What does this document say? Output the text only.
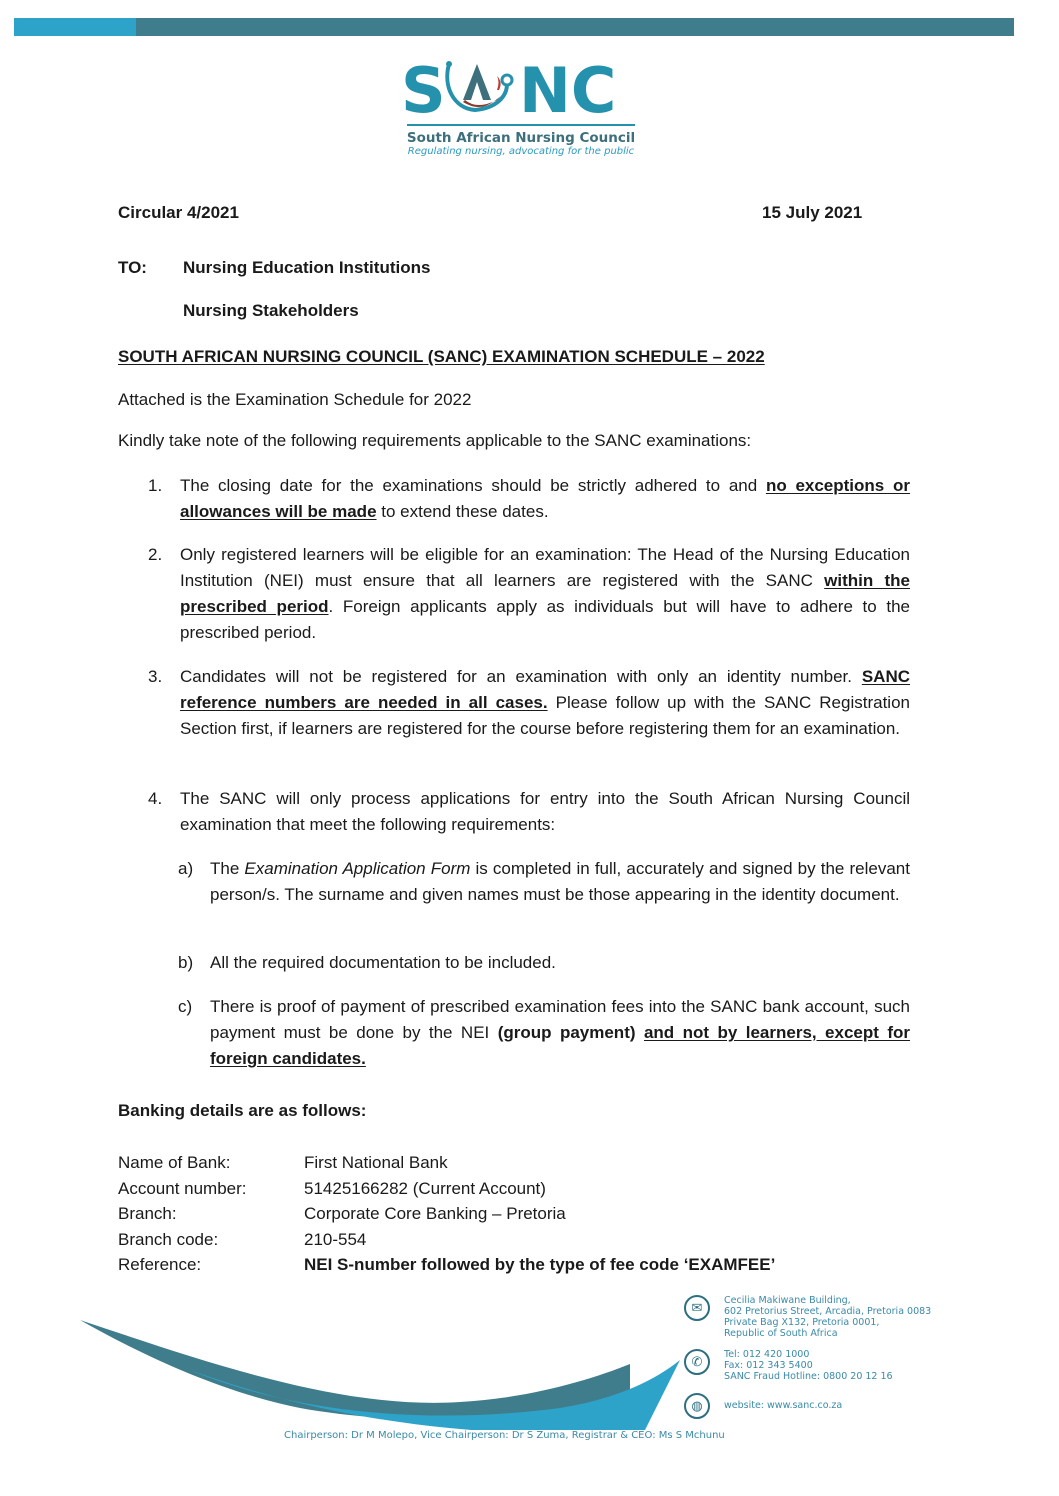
S NC
South African Nursing Council
Regulating nursing, advocating for the public
Circular 4/2021	15 July 2021
TO: Nursing Education Institutions
Nursing Stakeholders
SOUTH AFRICAN NURSING COUNCIL (SANC) EXAMINATION SCHEDULE – 2022
Attached is the Examination Schedule for 2022
Kindly take note of the following requirements applicable to the SANC examinations:
1. The closing date for the examinations should be strictly adhered to and no exceptions or allowances will be made to extend these dates.
2. Only registered learners will be eligible for an examination: The Head of the Nursing Education Institution (NEI) must ensure that all learners are registered with the SANC within the prescribed period. Foreign applicants apply as individuals but will have to adhere to the prescribed period.
3. Candidates will not be registered for an examination with only an identity number. SANC reference numbers are needed in all cases. Please follow up with the SANC Registration Section first, if learners are registered for the course before registering them for an examination.
4. The SANC will only process applications for entry into the South African Nursing Council examination that meet the following requirements:
a) The Examination Application Form is completed in full, accurately and signed by the relevant person/s. The surname and given names must be those appearing in the identity document.
b) All the required documentation to be included.
c) There is proof of payment of prescribed examination fees into the SANC bank account, such payment must be done by the NEI (group payment) and not by learners, except for foreign candidates.
Banking details are as follows:
Name of Bank:	First National Bank
Account number:	51425166282 (Current Account)
Branch:	Corporate Core Banking – Pretoria
Branch code:	210-554
Reference:	NEI S-number followed by the type of fee code ‘EXAMFEE’
✉	Cecilia Makiwane Building,
602 Pretorius Street, Arcadia, Pretoria 0083
Private Bag X132, Pretoria 0001,
Republic of South Africa
✆	Tel: 012 420 1000
Fax: 012 343 5400
SANC Fraud Hotline: 0800 20 12 16
◍	website: www.sanc.co.za
Chairperson: Dr M Molepo, Vice Chairperson: Dr S Zuma, Registrar & CEO: Ms S Mchunu
